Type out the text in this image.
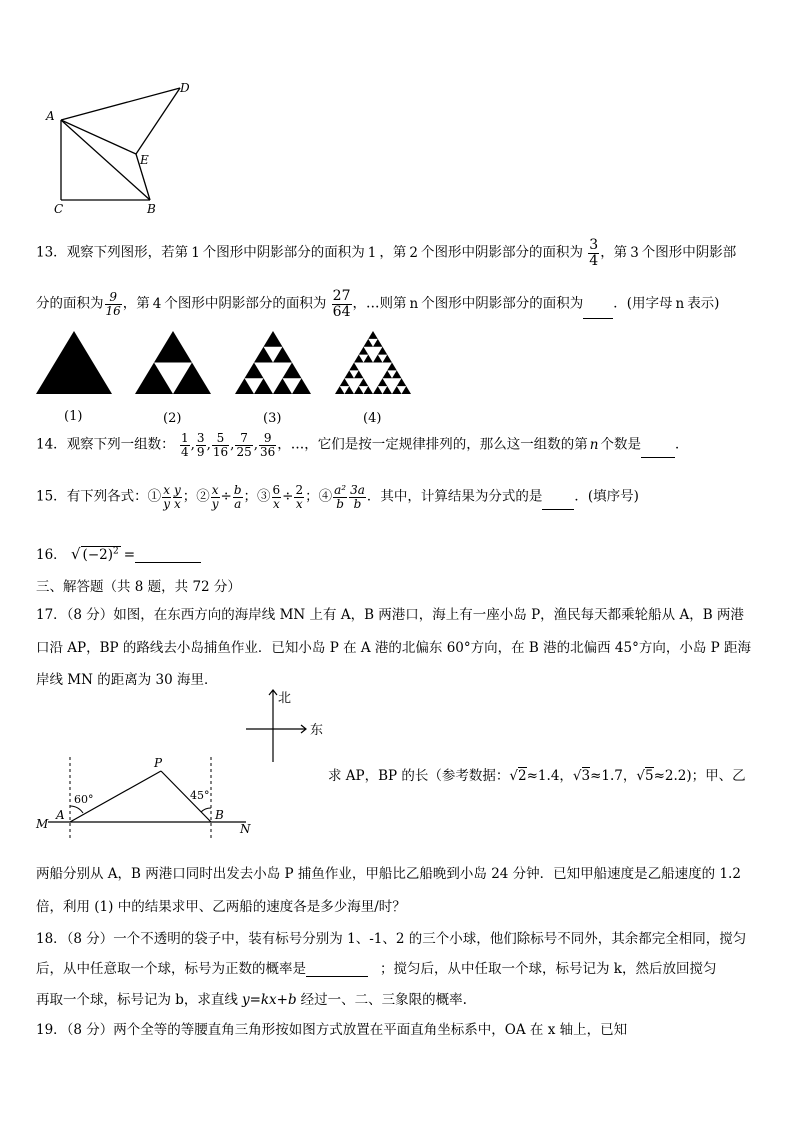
A
B
C
D
E
13．观察下列图形，若第 1 个图形中阴影部分的面积为 1 ，第 2 个图形中阴影部分的面积为 $\frac{3}{4}$ ，第 3 个图形中阴影部
分的面积为 $\frac{9}{16}$ ，第 4 个图形中阴影部分的面积为 $\frac{27}{64}$ ，…则第 n 个图形中阴影部分的面积为 ．(用字母 n 表示)
(1)	(2)	(3)	(4)
14．观察下列一组数： $\frac{1}{4}$ , $\frac{3}{9}$ , $\frac{5}{16}$ , $\frac{7}{25}$ , $\frac{9}{36}$ ，…，它们是按一定规律排列的，那么这一组数的第 n 个数是	．
15．有下列各式：① $\frac{x}{y} \frac{y}{x}$ ；② $\frac{x}{y} \div \frac{b}{a}$ ；③ $\frac{6}{x} \div \frac{2}{x}$ ；④ $\frac{\text{a²}}{b} \frac{3a}{b}$ ．其中，计算结果为分式的是 ．(填序号)
16． √ $(-2)^2$ =
三、解答题（共 8 题，共 72 分）
17．（8 分）如图，在东西方向的海岸线 MN 上有 A，B 两港口，海上有一座小岛 P，渔民每天都乘轮船从 A，B 两港
口沿 AP，BP 的路线去小岛捕鱼作业．已知小岛 P 在 A 港的北偏东 60°方向，在 B 港的北偏西 45°方向，小岛 P 距海
岸线 MN 的距离为 30 海里．
北
东
P
A	B
M	N
60°	45°
求 AP，BP 的长（参考数据：√2≈1.4，√3≈1.7，√5≈2.2)；甲、乙
两船分别从 A，B 两港口同时出发去小岛 P 捕鱼作业，甲船比乙船晚到小岛 24 分钟．已知甲船速度是乙船速度的 1.2
倍，利用 (1) 中的结果求甲、乙两船的速度各是多少海里/时？
18．（8 分）一个不透明的袋子中，装有标号分别为 1、-1、2 的三个小球，他们除标号不同外，其余都完全相同，搅匀
后，从中任意取一个球，标号为正数的概率是	；搅匀后，从中任取一个球，标号记为 k，然后放回搅匀
再取一个球，标号记为 b，求直线 y=kx+b 经过一、二、三象限的概率.
19．（8 分）两个全等的等腰直角三角形按如图方式放置在平面直角坐标系中，OA 在 x 轴上，已知
